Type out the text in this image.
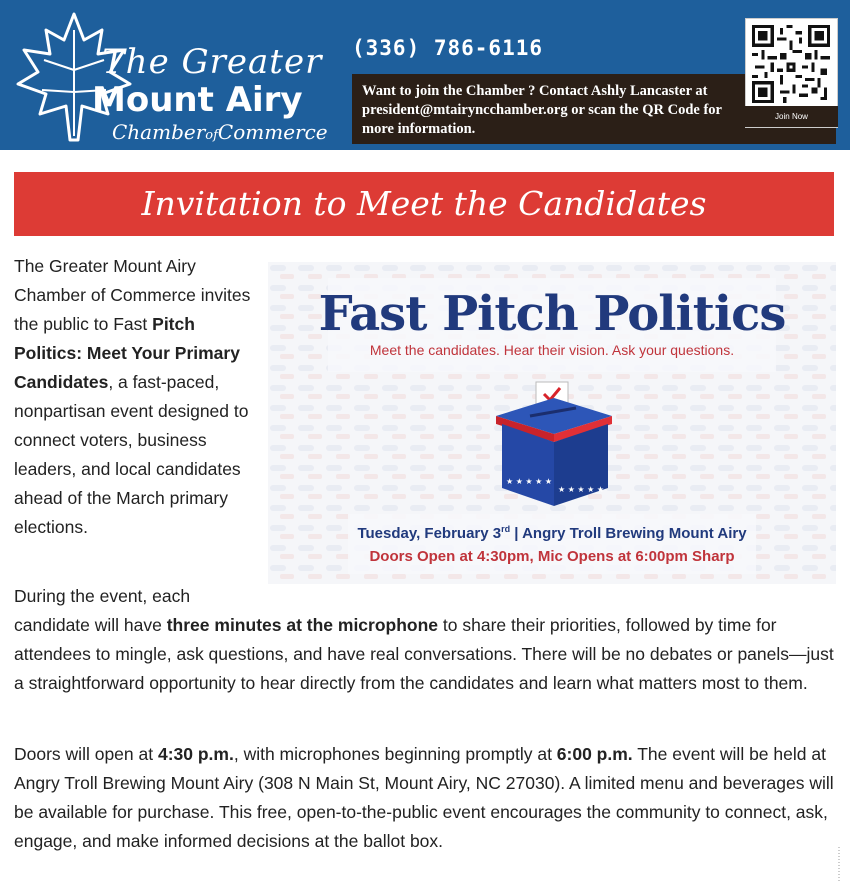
The Greater
Mount Airy
ChamberofCommerce
(336) 786-6116
Want to join the Chamber ? Contact Ashly Lancaster at president@mtairyncchamber.org or scan the QR Code for more information.
Join Now
Invitation to Meet the Candidates
The Greater Mount Airy Chamber of Commerce invites the public to Fast Pitch Politics: Meet Your Primary Candidates, a fast-paced, nonpartisan event designed to connect voters, business leaders, and local candidates ahead of the March primary elections.
Fast Pitch Politics
Meet the candidates. Hear their vision. Ask your questions.
★ ★ ★ ★ ★
★ ★ ★ ★ ★
Tuesday, February 3rd | Angry Troll Brewing Mount Airy
Doors Open at 4:30pm, Mic Opens at 6:00pm Sharp
During the event, each
candidate will have three minutes at the microphone to share their priorities, followed by time for attendees to mingle, ask questions, and have real conversations. There will be no debates or panels—just a straightforward opportunity to hear directly from the candidates and learn what matters most to them.
Doors will open at 4:30 p.m., with microphones beginning promptly at 6:00 p.m. The event will be held at Angry Troll Brewing Mount Airy (308 N Main St, Mount Airy, NC 27030). A limited menu and beverages will be available for purchase. This free, open-to-the-public event encourages the community to connect, ask, engage, and make informed decisions at the ballot box.
